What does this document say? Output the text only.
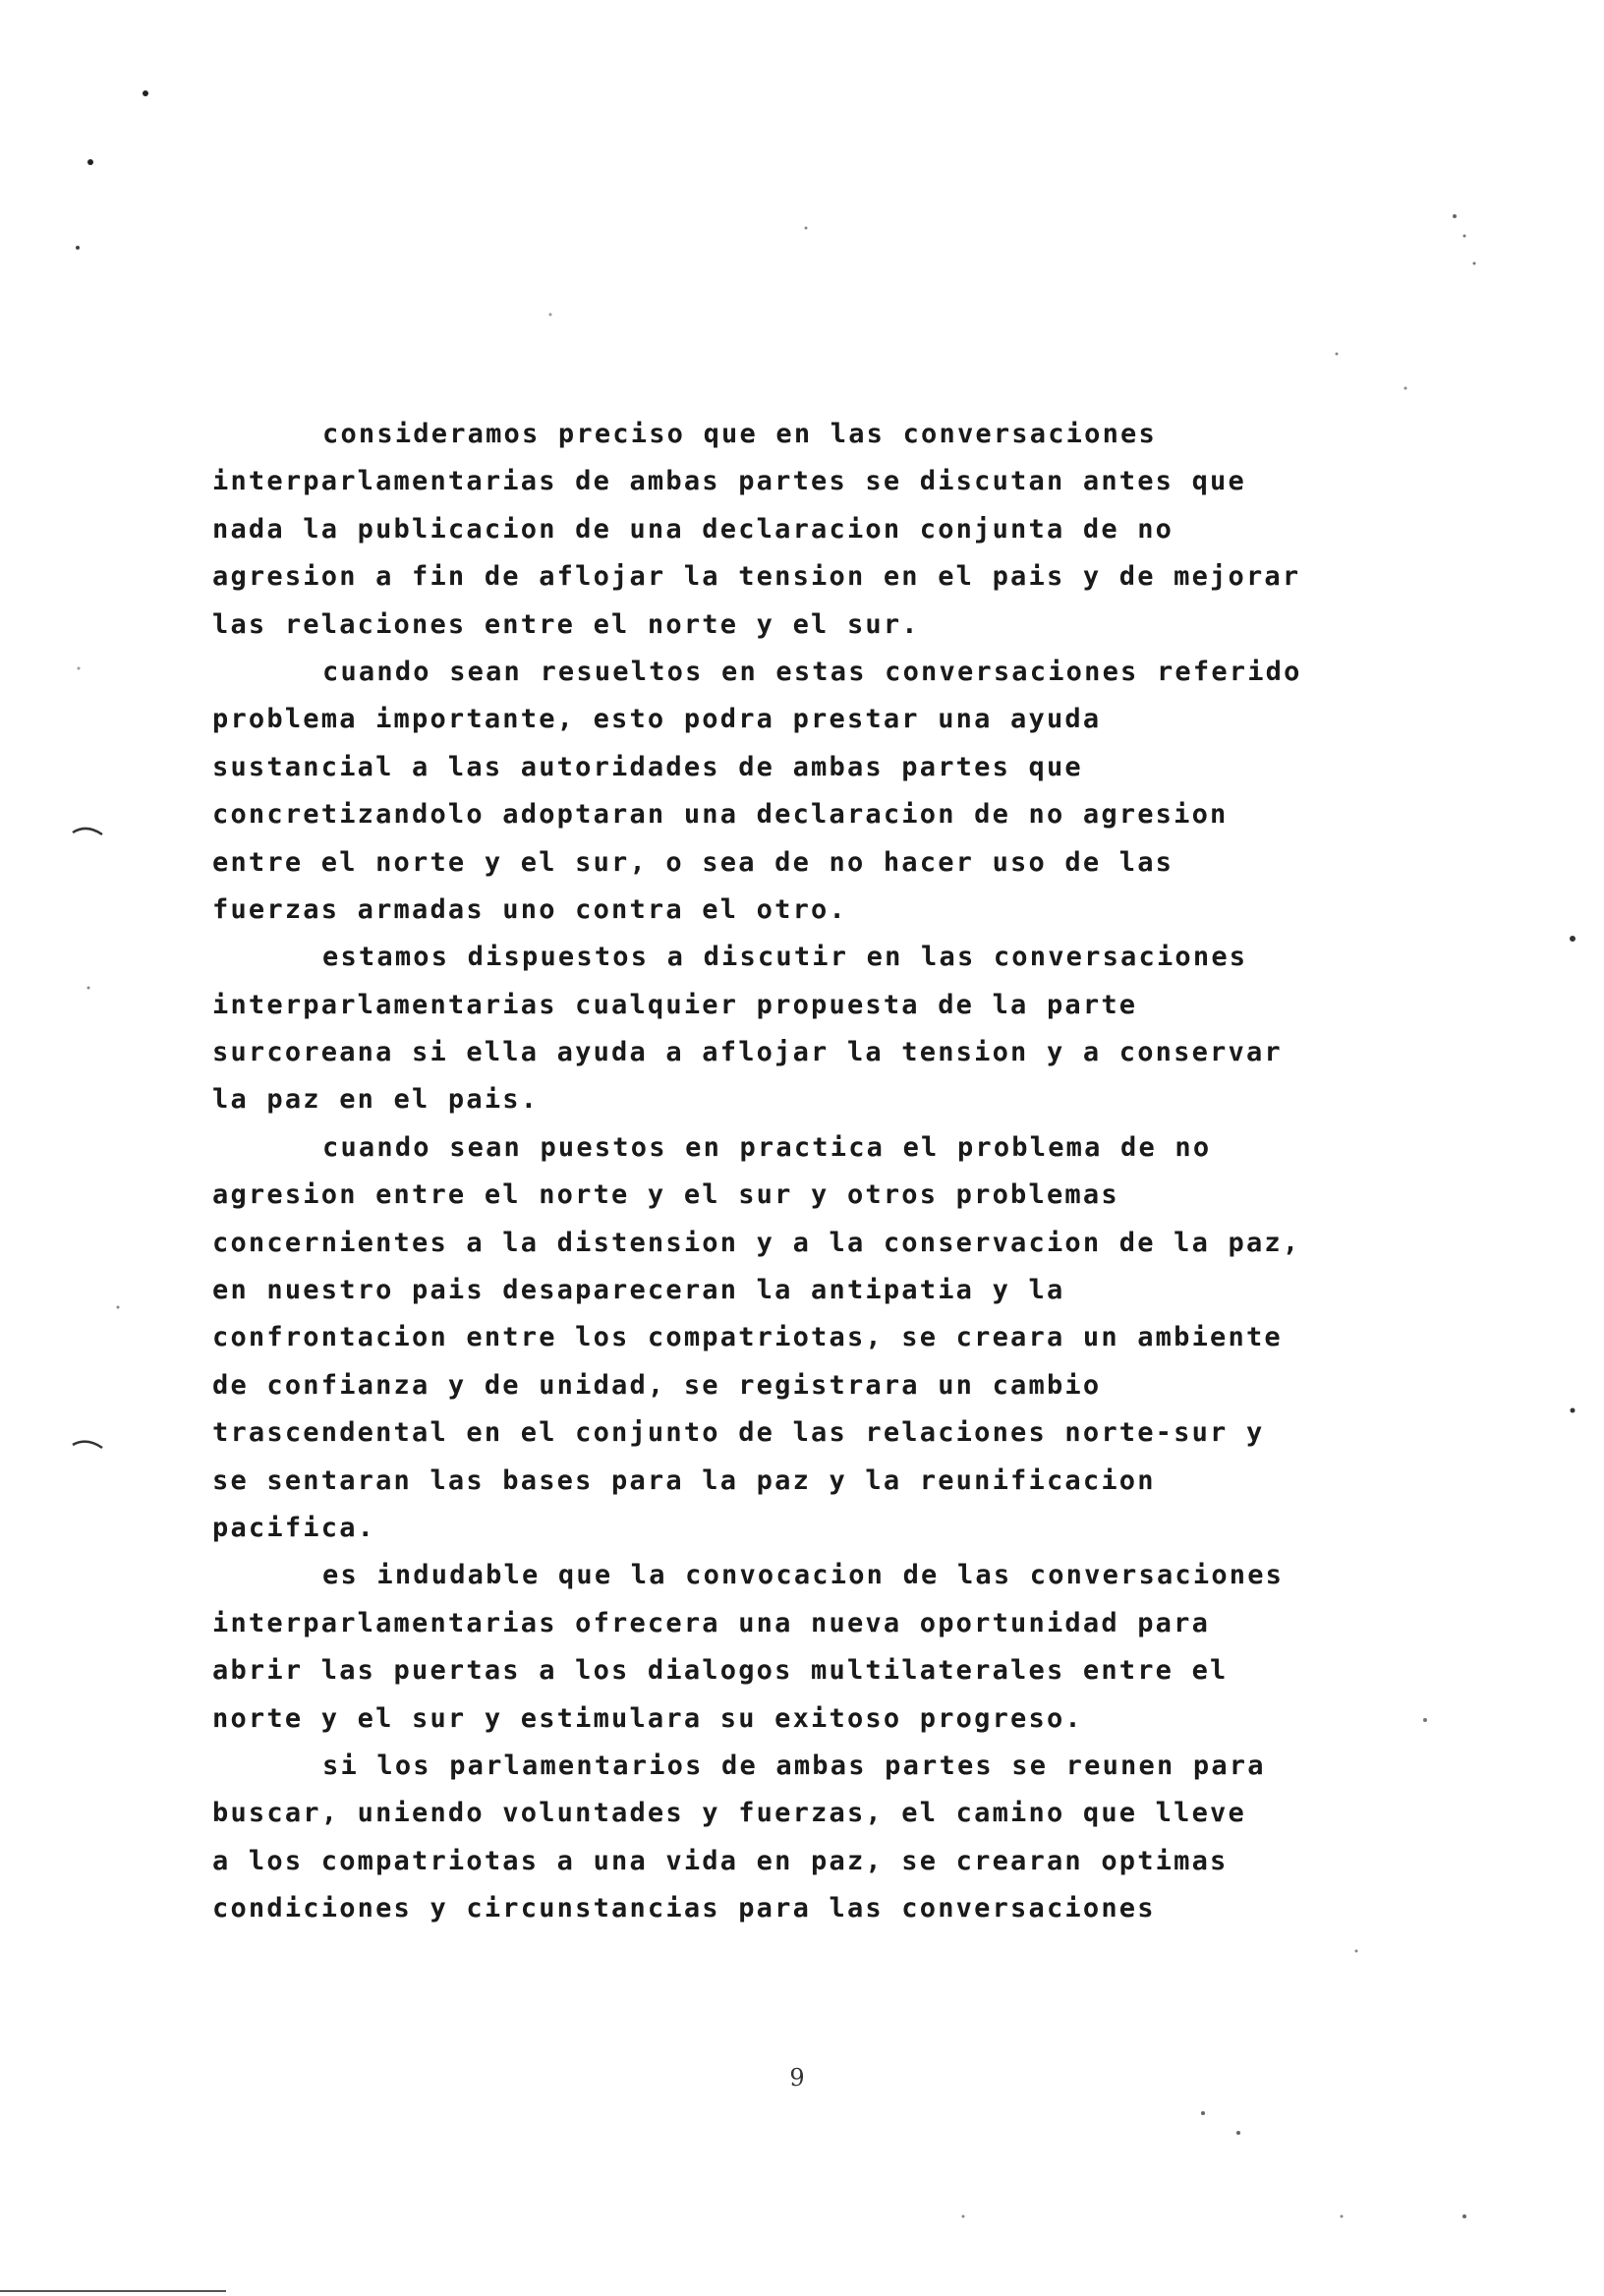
consideramos preciso que en las conversaciones
interparlamentarias de ambas partes se discutan antes que
nada la publicacion de una declaracion conjunta de no
agresion a fin de aflojar la tension en el pais y de mejorar
las relaciones entre el norte y el sur.
cuando sean resueltos en estas conversaciones referido
problema importante, esto podra prestar una ayuda
sustancial a las autoridades de ambas partes que
concretizandolo adoptaran una declaracion de no agresion
entre el norte y el sur, o sea de no hacer uso de las
fuerzas armadas uno contra el otro.
estamos dispuestos a discutir en las conversaciones
interparlamentarias cualquier propuesta de la parte
surcoreana si ella ayuda a aflojar la tension y a conservar
la paz en el pais.
cuando sean puestos en practica el problema de no
agresion entre el norte y el sur y otros problemas
concernientes a la distension y a la conservacion de la paz,
en nuestro pais desapareceran la antipatia y la
confrontacion entre los compatriotas, se creara un ambiente
de confianza y de unidad, se registrara un cambio
trascendental en el conjunto de las relaciones norte-sur y
se sentaran las bases para la paz y la reunificacion
pacifica.
es indudable que la convocacion de las conversaciones
interparlamentarias ofrecera una nueva oportunidad para
abrir las puertas a los dialogos multilaterales entre el
norte y el sur y estimulara su exitoso progreso.
si los parlamentarios de ambas partes se reunen para
buscar, uniendo voluntades y fuerzas, el camino que lleve
a los compatriotas a una vida en paz, se crearan optimas
condiciones y circunstancias para las conversaciones
9
